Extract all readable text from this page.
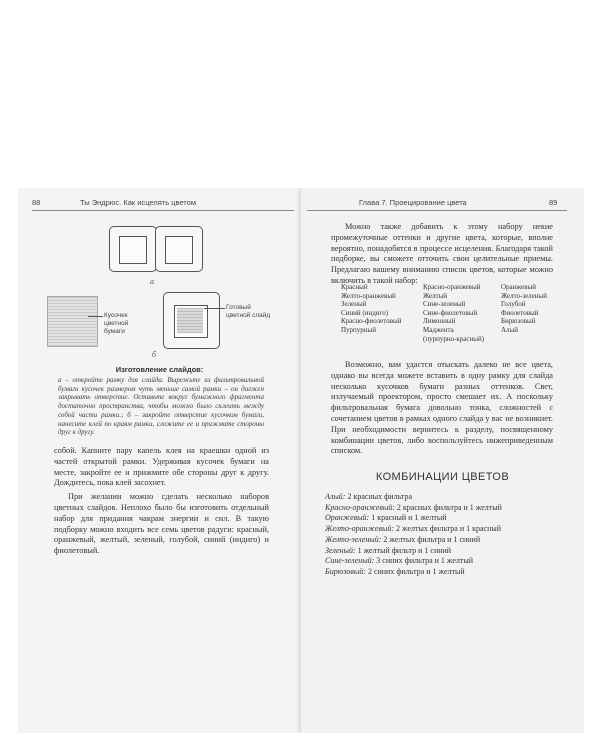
88	Ты Эндрюс. Как исцелять цветом
а
Кусочек цветной бумаги
Готовый цветной слайд
б
Изготовление слайдов:
а – откройте рамку для слайда. Вырежьте из фильтровальной бумаги кусочек размером чуть меньше самой рамки – он должен закрывать отверстие. Оставьте вокруг бумажного фрагмента достаточно пространства, чтобы можно было склеить между собой части рамки.; б – закройте отверстие кусочком бумаги, нанесите клей по краям рамки, сложите ее и прижмите стороны друг к другу.

собой. Капните пару капель клея на краешки одной из частей открытой рамки. Удерживая кусочек бумаги на месте, закройте ее и прижмите обе стороны друг к другу. Дождитесь, пока клей засохнет.

При желании можно сделать несколько наборов цветных слайдов. Неплохо было бы изготовить отдельный набор для придания чакрам энергии и сил. В такую подборку можно входить все семь цветов радуги: красный, оранжевый, желтый, зеленый, голубой, синий (индиго) и фиолетовый.

Глава 7. Проецирование цвета	89

Можно также добавить к этому набору некие промежуточные оттенки и другие цвета, которые, вполне вероятно, понадобятся в процессе исцеления. Благодаря такой подборке, вы сможете отточить свои целительные приемы. Предлагаю вашему вниманию список цветов, которые можно включить в такой набор:

Красный
Желто-оранжевый
Зеленый
Синий (индиго)
Красно-фиолетовый
Пурпурный
Красно-оранжевый
Желтый
Сине-зеленый
Сине-фиолетовый
Лимонный
Маджента
(пурпурно-красный)
Оранжевый
Желто-зеленый
Голубой
Фиолетовый
Бирюзовый
Алый

Возможно, вам удастся отыскать далеко не все цвета, однако вы всегда можете вставить в одну рамку для слайда несколько кусочков бумаги разных оттенков. Свет, излучаемый проектором, просто смешает их. А поскольку фильтровальная бумага довольно тонка, сложностей с сочетанием цветов в рамках одного слайда у вас не возникнет. При необходимости вернитесь к разделу, посвященному комбинации цветов, либо воспользуйтесь нижеприведенным списком.

КОМБИНАЦИИ ЦВЕТОВ
Алый: 2 красных фильтра
Красно-оранжевый: 2 красных фильтра и 1 желтый
Оранжевый: 1 красный и 1 желтый
Желто-оранжевый: 2 желтых фильтра и 1 красный
Желто-зеленый: 2 желтых фильтра и 1 синий
Зеленый: 1 желтый фильтр и 1 синий
Сине-зеленый: 3 синих фильтра и 1 желтый
Бирюзовый: 2 синих фильтра и 1 желтый
